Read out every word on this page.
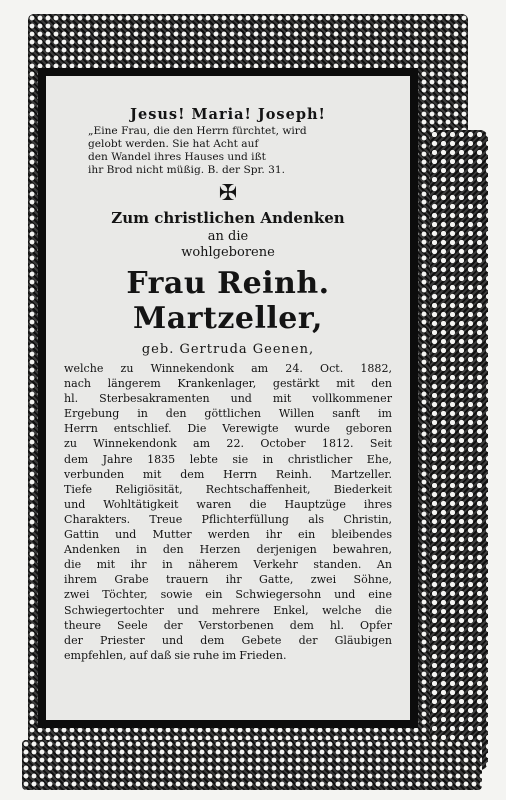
Jesus! Maria! Joseph!
„Eine Frau, die den Herrn fürchtet, wird
gelobt werden. Sie hat Acht auf
den Wandel ihres Hauses und ißt
ihr Brod nicht müßig. B. der Spr. 31.
✠
Zum christlichen Andenken
an die
wohlgeborene
Frau Reinh. Martzeller,
geb. Gertruda Geenen,
welche zu Winnekendonk am 24. Oct. 1882,
nach längerem Krankenlager, gestärkt mit den
hl. Sterbesakramenten und mit vollkommener
Ergebung in den göttlichen Willen sanft im
Herrn entschlief. Die Verewigte wurde geboren
zu Winnekendonk am 22. October 1812. Seit
dem Jahre 1835 lebte sie in christlicher Ehe,
verbunden mit dem Herrn Reinh. Martzeller.
Tiefe Religiösität, Rechtschaffenheit, Biederkeit
und Wohltätigkeit waren die Hauptzüge ihres
Charakters. Treue Pflichterfüllung als Christin,
Gattin und Mutter werden ihr ein bleibendes
Andenken in den Herzen derjenigen bewahren,
die mit ihr in näherem Verkehr standen. An
ihrem Grabe trauern ihr Gatte, zwei Söhne,
zwei Töchter, sowie ein Schwiegersohn und eine
Schwiegertochter und mehrere Enkel, welche die
theure Seele der Verstorbenen dem hl. Opfer
der Priester und dem Gebete der Gläubigen
empfehlen, auf daß sie ruhe im Frieden.
